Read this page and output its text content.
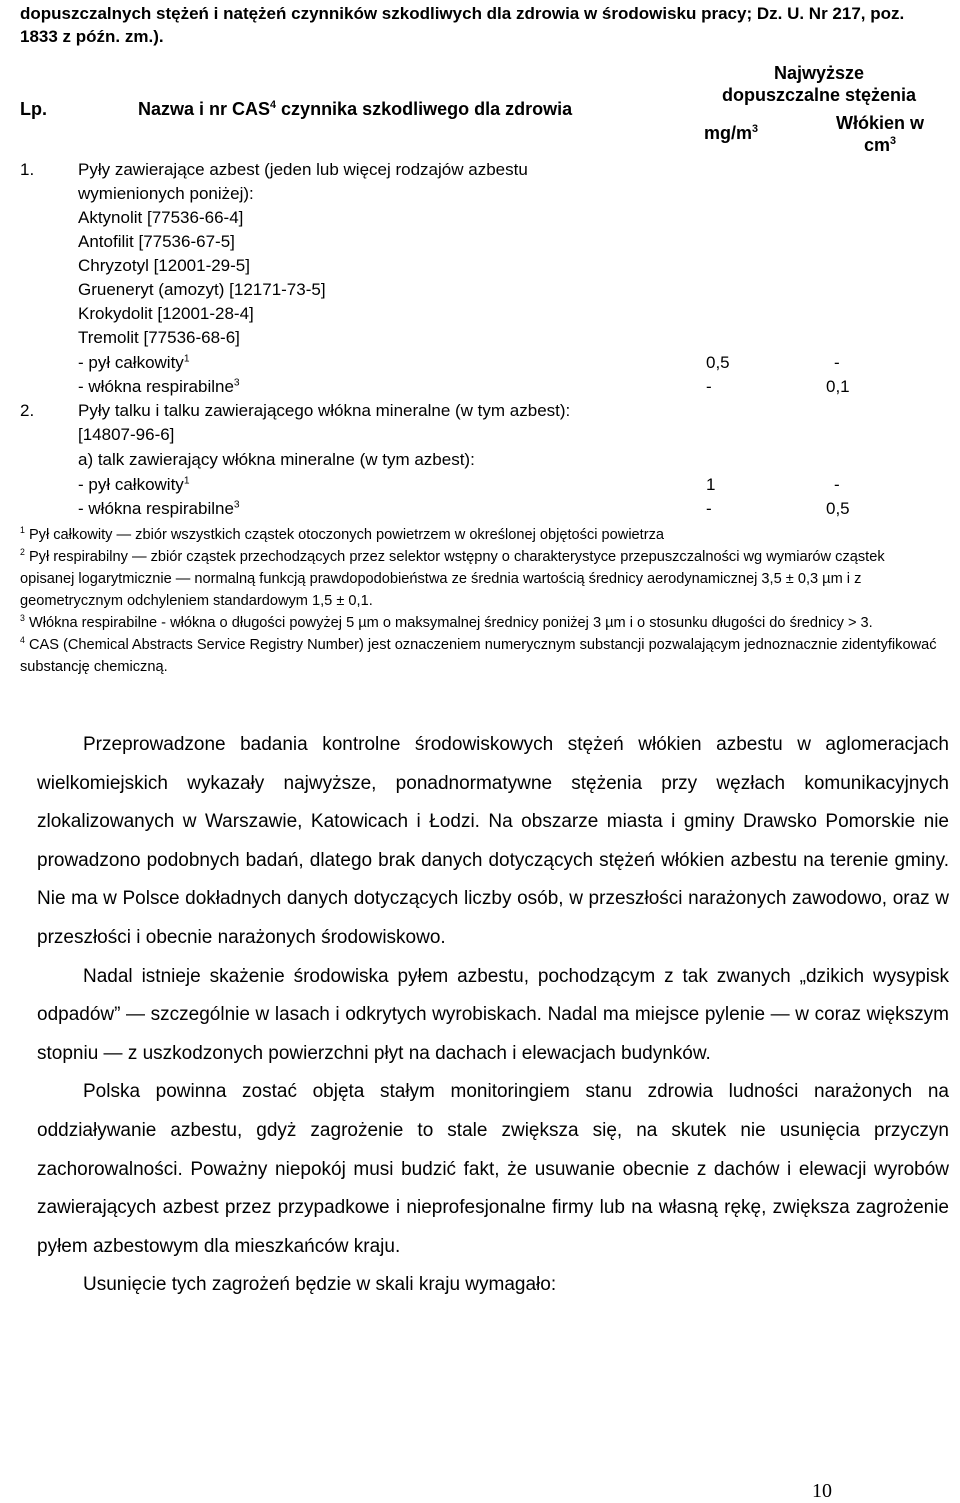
dopuszczalnych stężeń i natężeń czynników szkodliwych dla zdrowia w środowisku pracy; Dz. U. Nr 217, poz. 1833 z późn. zm.).
Lp.	Nazwa i nr CAS$^4$ czynnika szkodliwego dla zdrowia
Najwyższe
dopuszczalne stężenia
$mg/m^3$	Włókien w
$cm^3$
1.	Pyły zawierające azbest (jeden lub więcej rodzajów azbestu
wymienionych poniżej):
Aktynolit [77536-66-4]
Antofilit [77536-67-5]
Chryzotyl [12001-29-5]
Grueneryt (amozyt) [12171-73-5]
Krokydolit [12001-28-4]
Tremolit [77536-68-6]
- pył całkowity$^1$	0,5	-
- włókna respirabilne$^3$	-	0,1
2.	Pyły talku i talku zawierającego włókna mineralne (w tym azbest):
[14807-96-6]
a) talk zawierający włókna mineralne (w tym azbest):
- pył całkowity$^1$	1	-
- włókna respirabilne$^3$	-	0,5

$^1$ Pył całkowity — zbiór wszystkich cząstek otoczonych powietrzem w określonej objętości powietrza

$^2$ Pył respirabilny — zbiór cząstek przechodzących przez selektor wstępny o charakterystyce przepuszczalności wg wymiarów cząstek opisanej logarytmicznie — normalną funkcją prawdopodobieństwa ze średnia wartością średnicy aerodynamicznej 3,5 ± 0,3 µm i z geometrycznym odchyleniem standardowym 1,5 ± 0,1.

$^3$ Włókna respirabilne - włókna o długości powyżej 5 µm o maksymalnej średnicy poniżej 3 µm i o stosunku długości do średnicy > 3.

$^4$ CAS (Chemical Abstracts Service Registry Number) jest oznaczeniem numerycznym substancji pozwalającym jednoznacznie zidentyfikować substancję chemiczną.

Przeprowadzone badania kontrolne środowiskowych stężeń włókien azbestu w aglomeracjach wielkomiejskich wykazały najwyższe, ponadnormatywne stężenia przy węzłach komunikacyjnych zlokalizowanych w Warszawie, Katowicach i Łodzi. Na obszarze miasta i gminy Drawsko Pomorskie nie prowadzono podobnych badań, dlatego brak danych dotyczących stężeń włókien azbestu na terenie gminy. Nie ma w Polsce dokładnych danych dotyczących liczby osób, w przeszłości narażonych zawodowo, oraz w przeszłości i obecnie narażonych środowiskowo.

Nadal istnieje skażenie środowiska pyłem azbestu, pochodzącym z tak zwanych „dzikich wysypisk odpadów” — szczególnie w lasach i odkrytych wyrobiskach. Nadal ma miejsce pylenie — w coraz większym stopniu — z uszkodzonych powierzchni płyt na dachach i elewacjach budynków.

Polska powinna zostać objęta stałym monitoringiem stanu zdrowia ludności narażonych na oddziaływanie azbestu, gdyż zagrożenie to stale zwiększa się, na skutek nie usunięcia przyczyn zachorowalności. Poważny niepokój musi budzić fakt, że usuwanie obecnie z dachów i elewacji wyrobów zawierających azbest przez przypadkowe i nieprofesjonalne firmy lub na własną rękę, zwiększa zagrożenie pyłem azbestowym dla mieszkańców kraju.

Usunięcie tych zagrożeń będzie w skali kraju wymagało:

10
